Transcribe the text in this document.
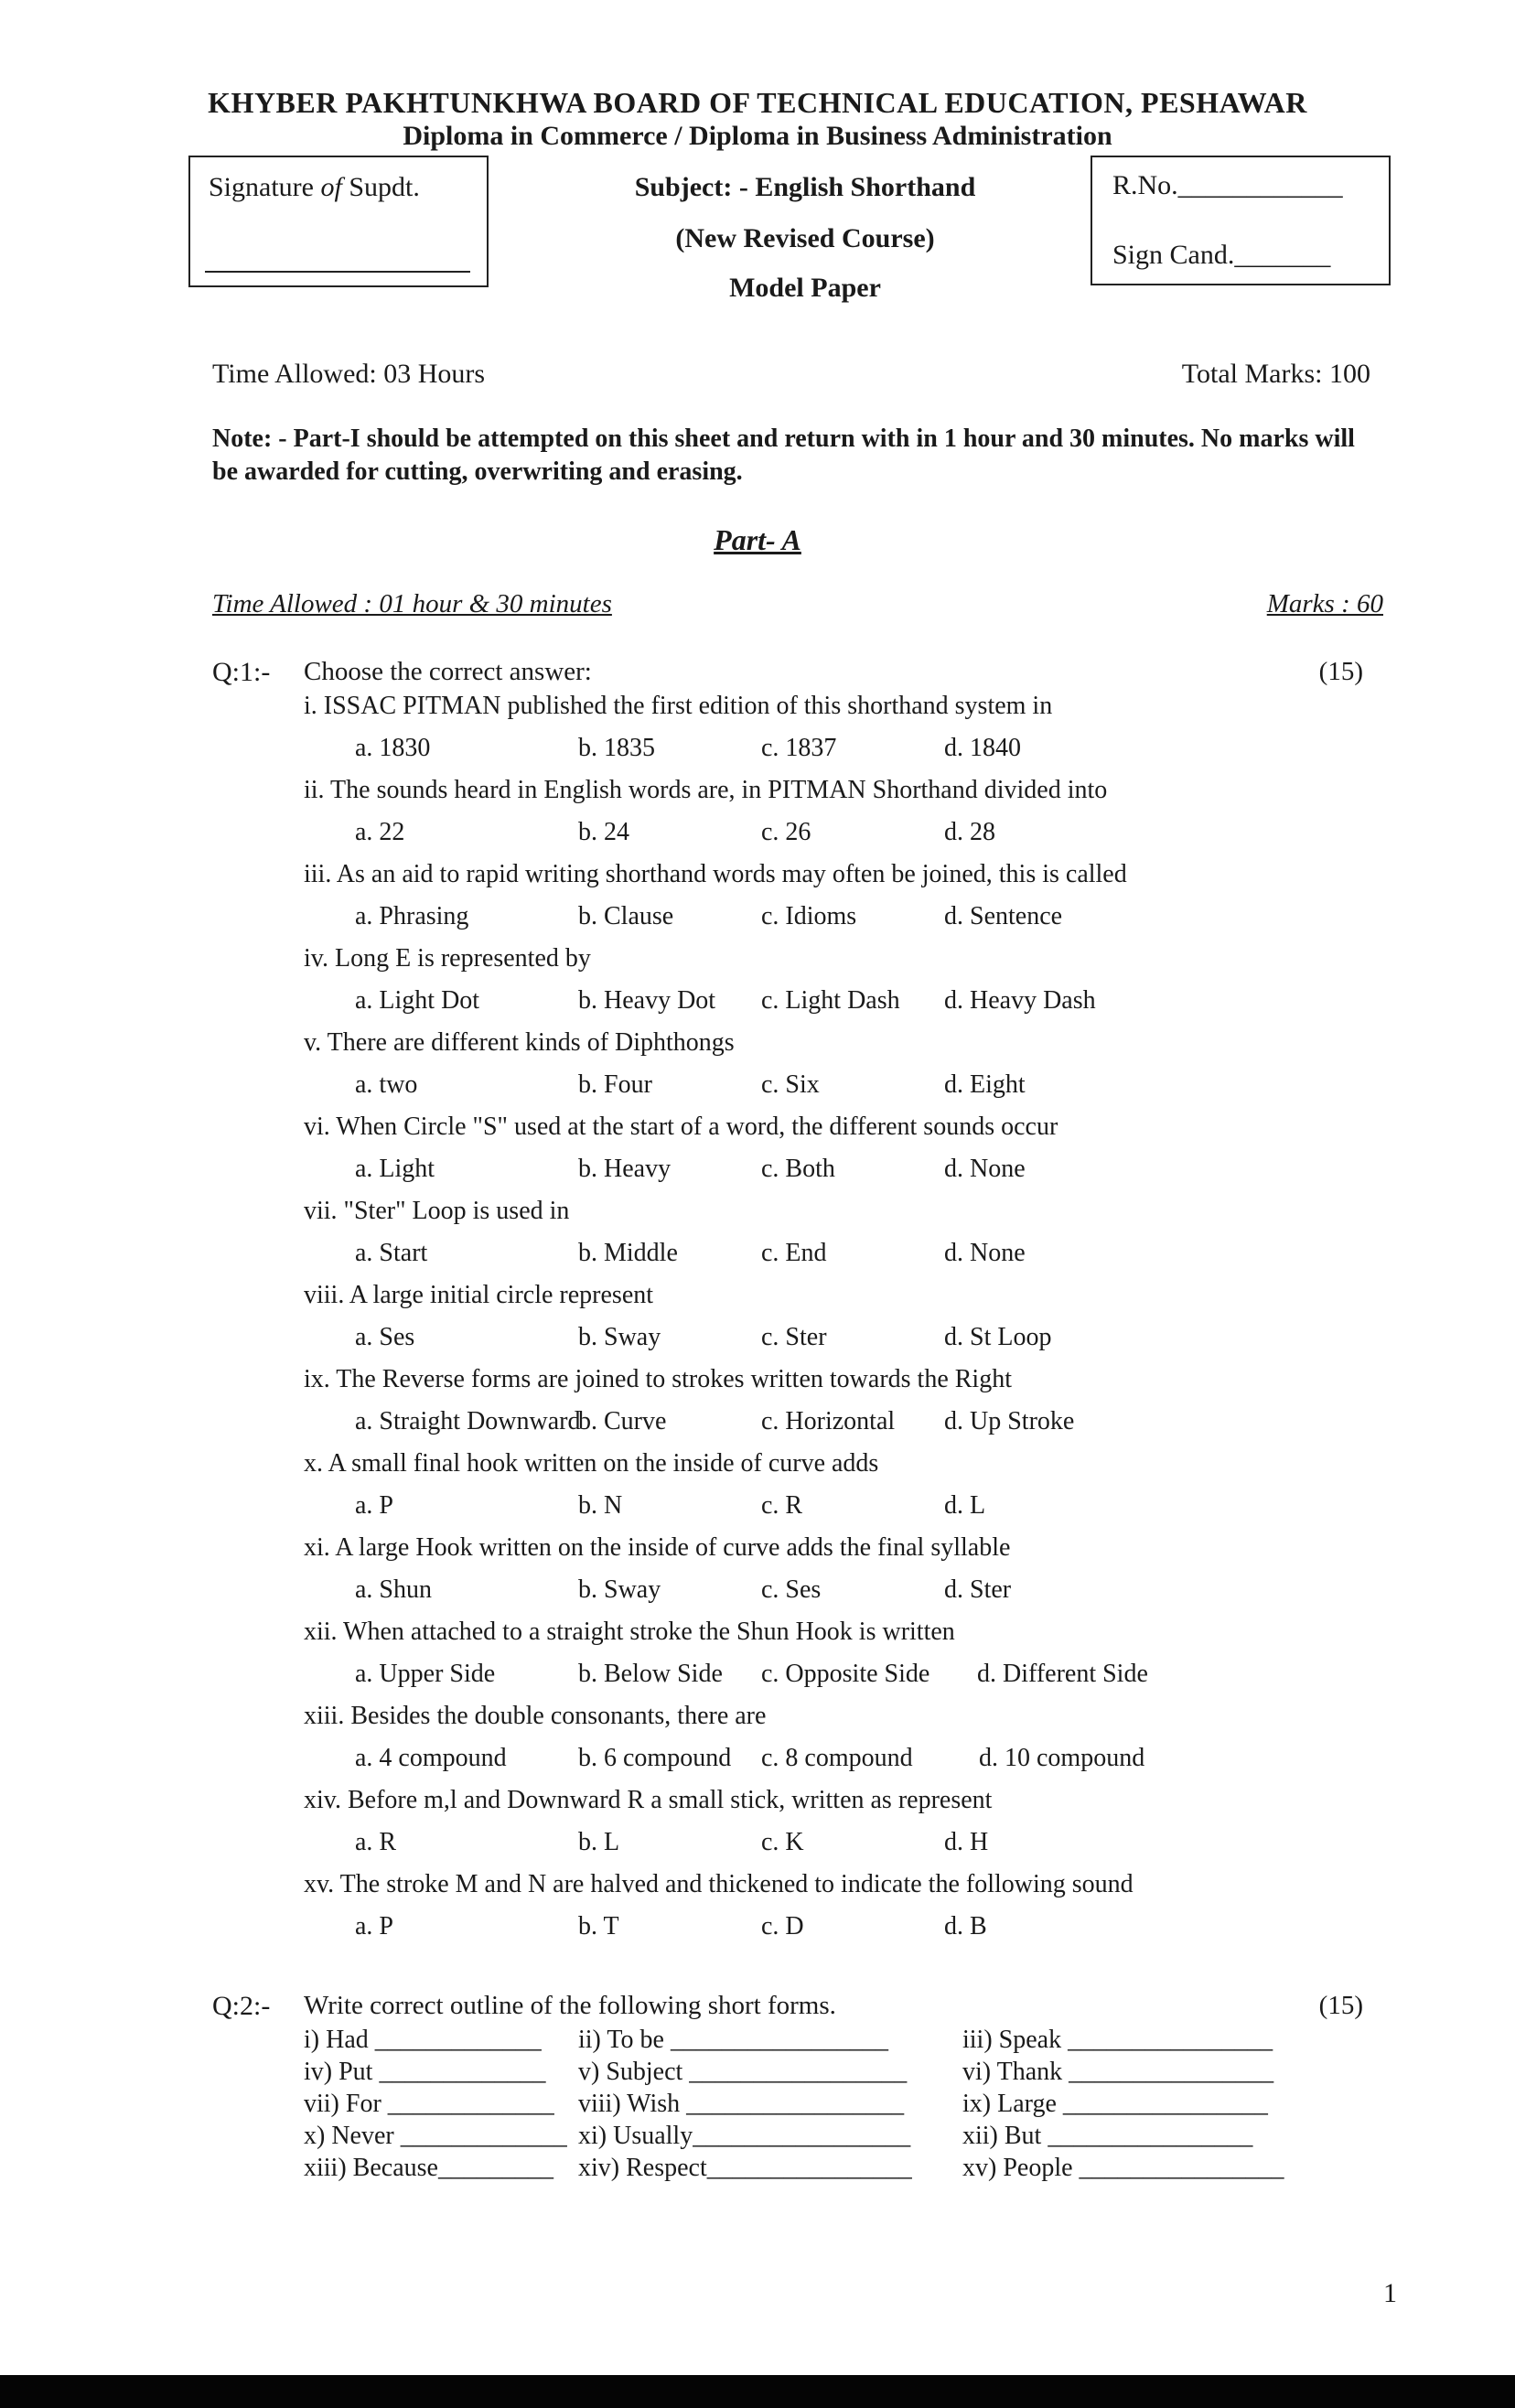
KHYBER PAKHTUNKHWA BOARD OF TECHNICAL EDUCATION, PESHAWAR
Diploma in Commerce / Diploma in Business Administration
Signature of Supdt.	Subject: - English Shorthand
(New Revised Course)
Model Paper
R.No.____________
Sign Cand._______
Time Allowed: 03 Hours	Total Marks: 100
Note: - Part-I should be attempted on this sheet and return with in 1 hour and 30 minutes. No marks will be awarded for cutting, overwriting and erasing.
Part- A
Time Allowed : 01 hour & 30 minutes	Marks : 60
Q:1:- Choose the correct answer:	(15)
i. ISSAC PITMAN published the first edition of this shorthand system in
a. 1830	b. 1835	c. 1837	d. 1840
ii. The sounds heard in English words are, in PITMAN Shorthand divided into
a. 22	b. 24	c. 26	d. 28
iii. As an aid to rapid writing shorthand words may often be joined, this is called
a. Phrasing	b. Clause	c. Idioms	d. Sentence
iv. Long E is represented by
a. Light Dot	b. Heavy Dot c. Light Dash d. Heavy Dash
v. There are different kinds of Diphthongs
a. two	b. Four	c. Six	d. Eight
vi. When Circle "S" used at the start of a word, the different sounds occur
a. Light	b. Heavy	c. Both	d. None
vii. "Ster" Loop is used in
a. Start	b. Middle	c. End	d. None
viii. A large initial circle represent
a. Ses	b. Sway	c. Ster	d. St Loop
ix. The Reverse forms are joined to strokes written towards the Right
a. Straight Downward
b. Curve	c. Horizontal d. Up Stroke
x. A small final hook written on the inside of curve adds
a. P	b. N	c. R	d. L
xi. A large Hook written on the inside of curve adds the final syllable
a. Shun	b. Sway	c. Ses	d. Ster
xii. When attached to a straight stroke the Shun Hook is written
a. Upper Side	b. Below Side c. Opposite Side d. Different Side
xiii. Besides the double consonants, there are
a. 4 compound	b. 6 compound c. 8 compound	d. 10 compound
xiv. Before m,l and Downward R a small stick, written as represent
a. R	b. L	c. K	d. H
xv. The stroke M and N are halved and thickened to indicate the following sound
a. P	b. T	c. D	d. B
Q:2:- Write correct outline of the following short forms.	(15)
i) Had _____________ ii) To be _________________	iii) Speak ________________
iv) Put _____________ v) Subject _________________ vi) Thank ________________
vii) For _____________ viii) Wish _________________ ix) Large ________________
x) Never _____________ xi) Usually_________________ xii) But ________________
xiii) Because_________ xiv) Respect________________ xv) People ________________
1
